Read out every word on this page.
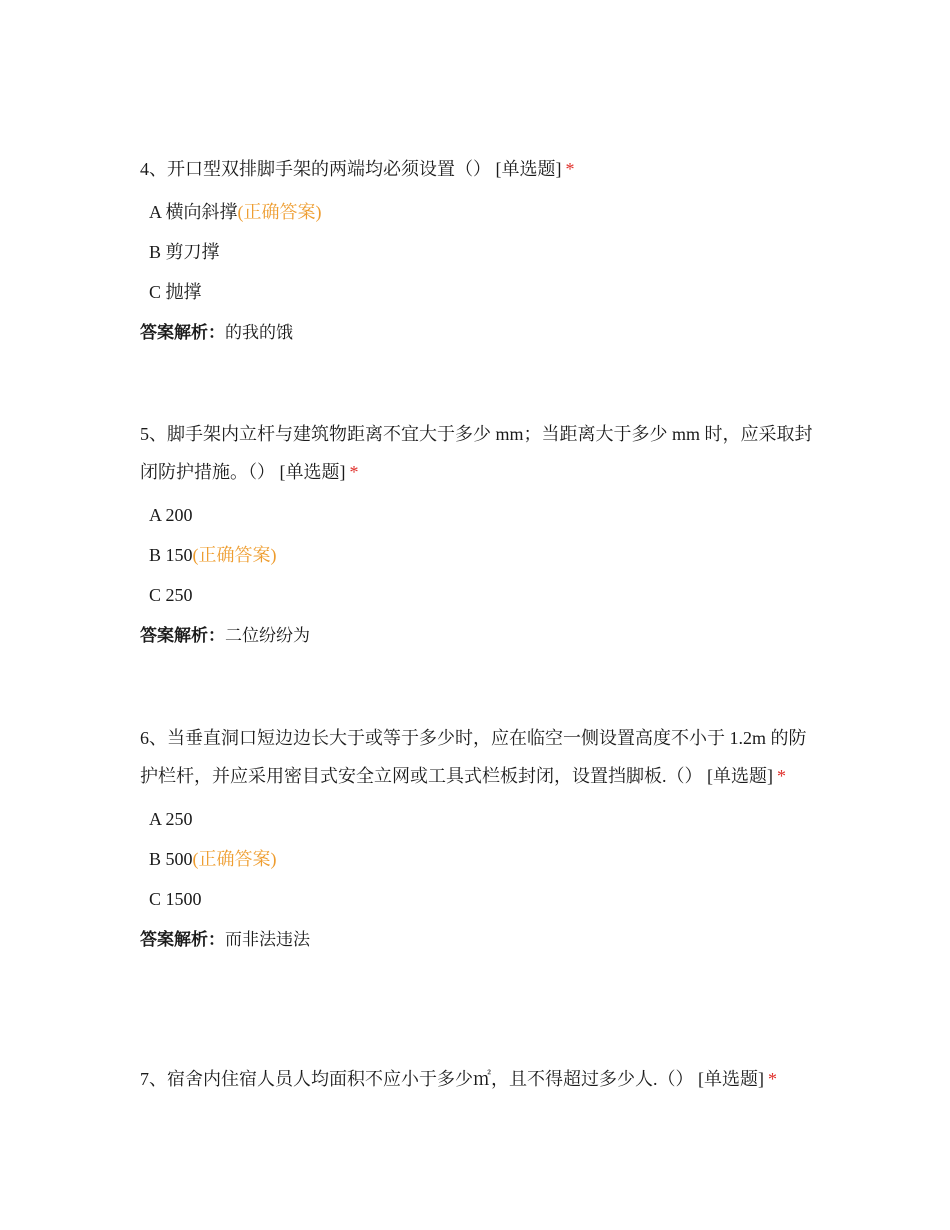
4、开口型双排脚手架的两端均必须设置（） [单选题] *

A 横向斜撑(正确答案)
B 剪刀撑
C 抛撑
答案解析：的我的饿

5、脚手架内立杆与建筑物距离不宜大于多少 mm；当距离大于多少 mm 时，应采取封闭防护措施。（） [单选题] *

A 200
B 150(正确答案)
C 250
答案解析：二位纷纷为

6、当垂直洞口短边边长大于或等于多少时，应在临空一侧设置高度不小于 1.2m 的防护栏杆，并应采用密目式安全立网或工具式栏板封闭，设置挡脚板.（） [单选题] *

A 250
B 500(正确答案)
C 1500
答案解析：而非法违法

7、宿舍内住宿人员人均面积不应小于多少㎡，且不得超过多少人.（） [单选题] *
